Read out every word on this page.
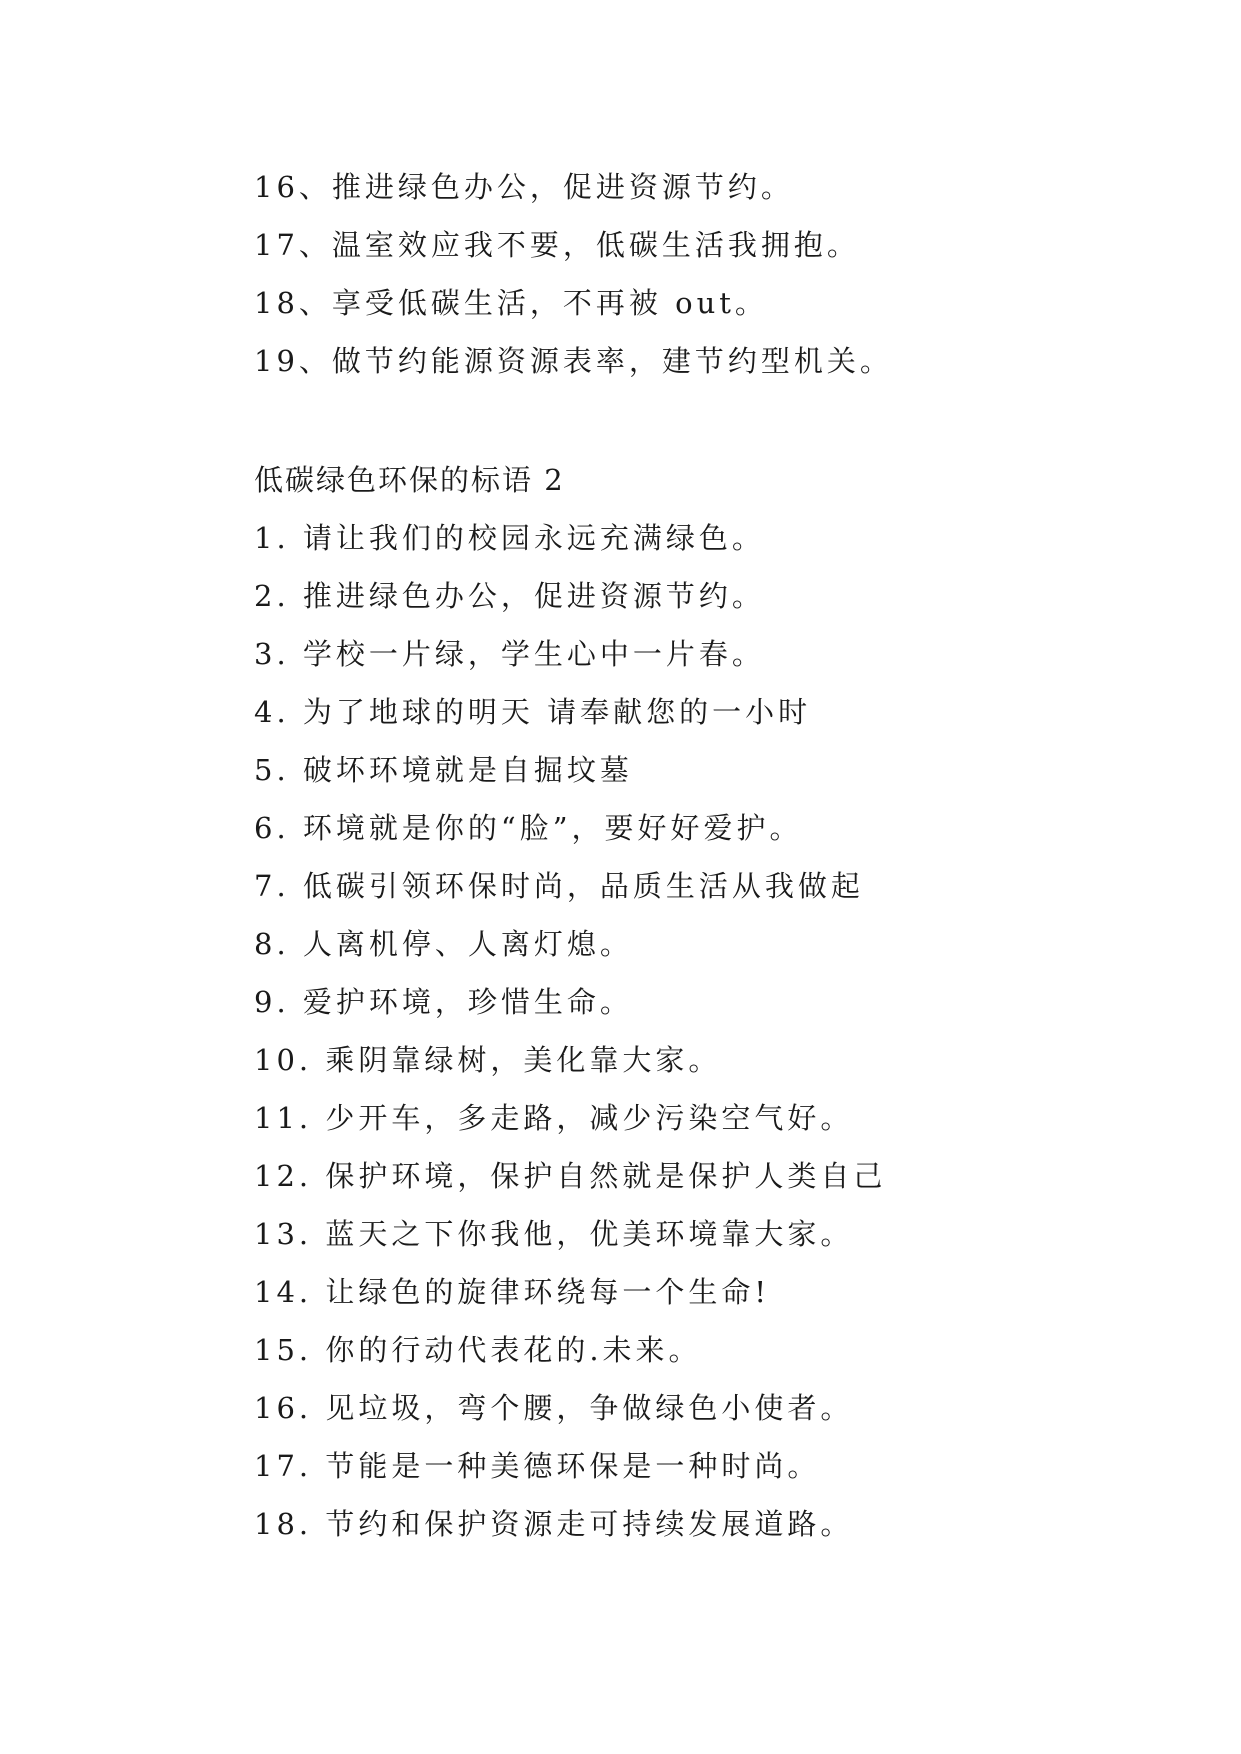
16、推进绿色办公，促进资源节约。
17、温室效应我不要，低碳生活我拥抱。
18、享受低碳生活，不再被 out。
19、做节约能源资源表率，建节约型机关。
低碳绿色环保的标语 2
1. 请让我们的校园永远充满绿色。
2. 推进绿色办公，促进资源节约。
3. 学校一片绿，学生心中一片春。
4. 为了地球的明天 请奉献您的一小时
5. 破坏环境就是自掘坟墓
6. 环境就是你的“脸”，要好好爱护。
7. 低碳引领环保时尚，品质生活从我做起
8. 人离机停、人离灯熄。
9. 爱护环境，珍惜生命。
10. 乘阴靠绿树，美化靠大家。
11. 少开车，多走路，减少污染空气好。
12. 保护环境，保护自然就是保护人类自己
13. 蓝天之下你我他，优美环境靠大家。
14. 让绿色的旋律环绕每一个生命!
15. 你的行动代表花的.未来。
16. 见垃圾，弯个腰，争做绿色小使者。
17. 节能是一种美德环保是一种时尚。
18. 节约和保护资源走可持续发展道路。
